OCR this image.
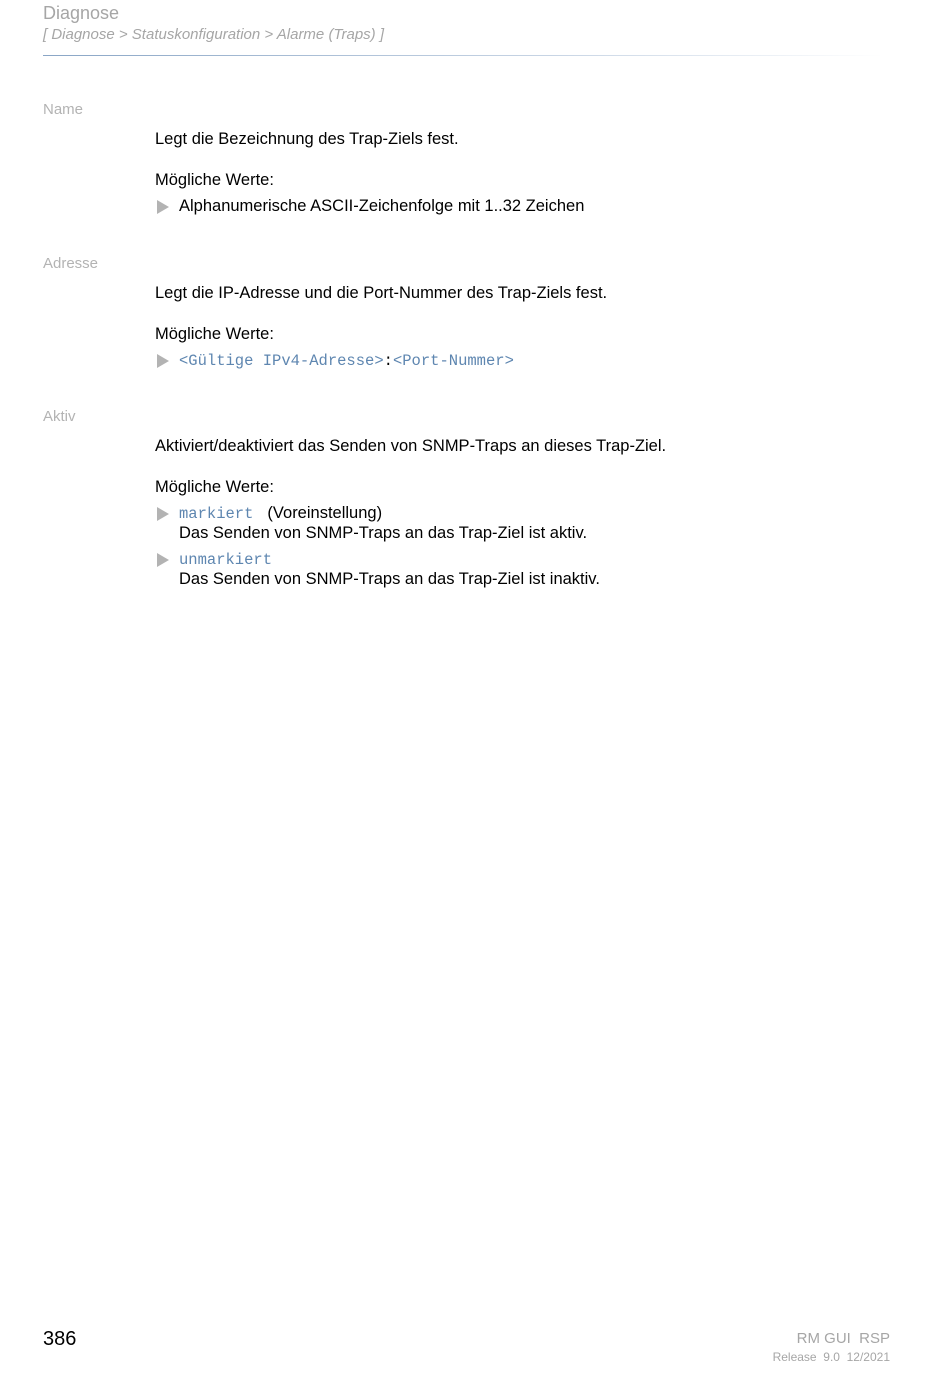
Diagnose
[ Diagnose > Statuskonfiguration > Alarme (Traps) ]
Name
Legt die Bezeichnung des Trap-Ziels fest.
Mögliche Werte:
Alphanumerische ASCII-Zeichenfolge mit 1..32 Zeichen
Adresse
Legt die IP-Adresse und die Port-Nummer des Trap-Ziels fest.
Mögliche Werte:
<Gültige IPv4-Adresse>:<Port-Nummer>
Aktiv
Aktiviert/deaktiviert das Senden von SNMP-Traps an dieses Trap-Ziel.
Mögliche Werte:
markiert (Voreinstellung)
Das Senden von SNMP-Traps an das Trap-Ziel ist aktiv.
unmarkiert
Das Senden von SNMP-Traps an das Trap-Ziel ist inaktiv.
386	RM GUI  RSP
Release  9.0  12/2021
